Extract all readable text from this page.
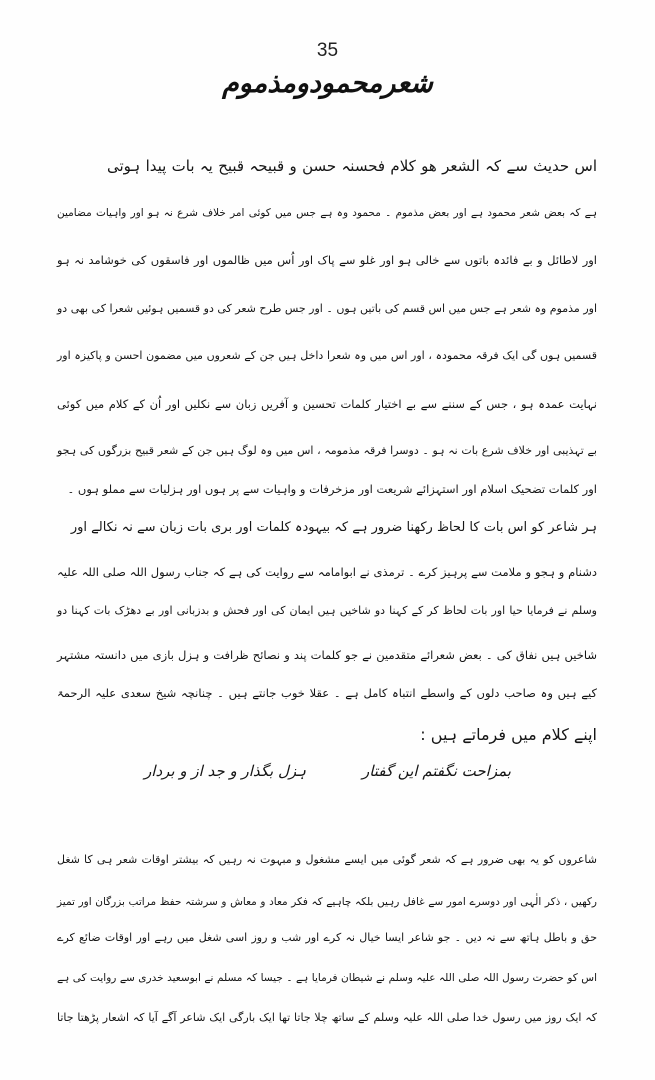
35
شعرمحمودومذموم
اس حدیث سے کہ الشعر ھو کلام فحسنہ حسن و قبیحہ قبیح یہ بات پیدا ہوتی
ہے کہ بعض شعر محمود ہے اور بعض مذموم ۔ محمود وہ ہے جس میں کوئی امر خلاف شرع نہ ہو اور واہیات مضامین
اور لاطائل و بے فائدہ باتوں سے خالی ہو اور غلو سے پاک اور اُس میں ظالموں اور فاسقوں کی خوشامد نہ ہو
اور مذموم وہ شعر ہے جس میں اس قسم کی باتیں ہوں ۔ اور جس طرح شعر کی دو قسمیں ہوئیں شعرا کی بھی دو
قسمیں ہوں گی ایک فرقہ محمودہ ، اور اس میں وہ شعرا داخل ہیں جن کے شعروں میں مضمون احسن و پاکیزہ اور
نہایت عمدہ ہو ، جس کے سننے سے بے اختیار کلمات تحسین و آفریں زبان سے نکلیں اور اُن کے کلام میں کوئی
بے تہذیبی اور خلاف شرع بات نہ ہو ۔ دوسرا فرقہ مذمومہ ، اس میں وہ لوگ ہیں جن کے شعر قبیح بزرگوں کی ہجو
اور کلمات تضحیک اسلام اور استہزائے شریعت اور مزخرفات و واہیات سے پر ہوں اور ہزلیات سے مملو ہوں ۔
ہر شاعر کو اس بات کا لحاظ رکھنا ضرور ہے کہ بیہودہ کلمات اور بری بات زبان سے نہ نکالے اور
دشنام و ہجو و ملامت سے پرہیز کرے ۔ ترمذی نے ابوامامہ سے روایت کی ہے کہ جناب رسول اللہ صلی اللہ علیہ
وسلم نے فرمایا حیا اور بات لحاظ کر کے کہنا دو شاخیں ہیں ایمان کی اور فحش و بدزبانی اور بے دھڑک بات کہنا دو
شاخیں ہیں نفاق کی ۔ بعض شعرائے متقدمین نے جو کلمات پند و نصائح ظرافت و ہزل بازی میں دانستہ مشتہر
کیے ہیں وہ صاحب دلوں کے واسطے انتباہ کامل ہے ۔ عقلا خوب جانتے ہیں ۔ چنانچہ شیخ سعدی علیہ الرحمۃ
اپنے کلام میں فرماتے ہیں :
بمزاحت نگفتم این گفتار
ہزل بگذار و جد از و بردار
شاعروں کو یہ بھی ضرور ہے کہ شعر گوئی میں ایسے مشغول و مبہوت نہ رہیں کہ بیشتر اوقات شعر ہی کا شغل
رکھیں ، ذکر الٰہی اور دوسرے امور سے غافل رہیں بلکہ چاہیے کہ فکر معاد و معاش و سرشتہ حفظ مراتب بزرگان اور تمیز
حق و باطل ہاتھ سے نہ دیں ۔ جو شاعر ایسا خیال نہ کرے اور شب و روز اسی شغل میں رہے اور اوقات ضائع کرے
اس کو حضرت رسول اللہ صلی اللہ علیہ وسلم نے شیطان فرمایا ہے ۔ جیسا کہ مسلم نے ابوسعید خدری سے روایت کی ہے
کہ ایک روز میں رسول خدا صلی اللہ علیہ وسلم کے ساتھ چلا جاتا تھا ایک بارگی ایک شاعر آگے آیا کہ اشعار پڑھتا جاتا
